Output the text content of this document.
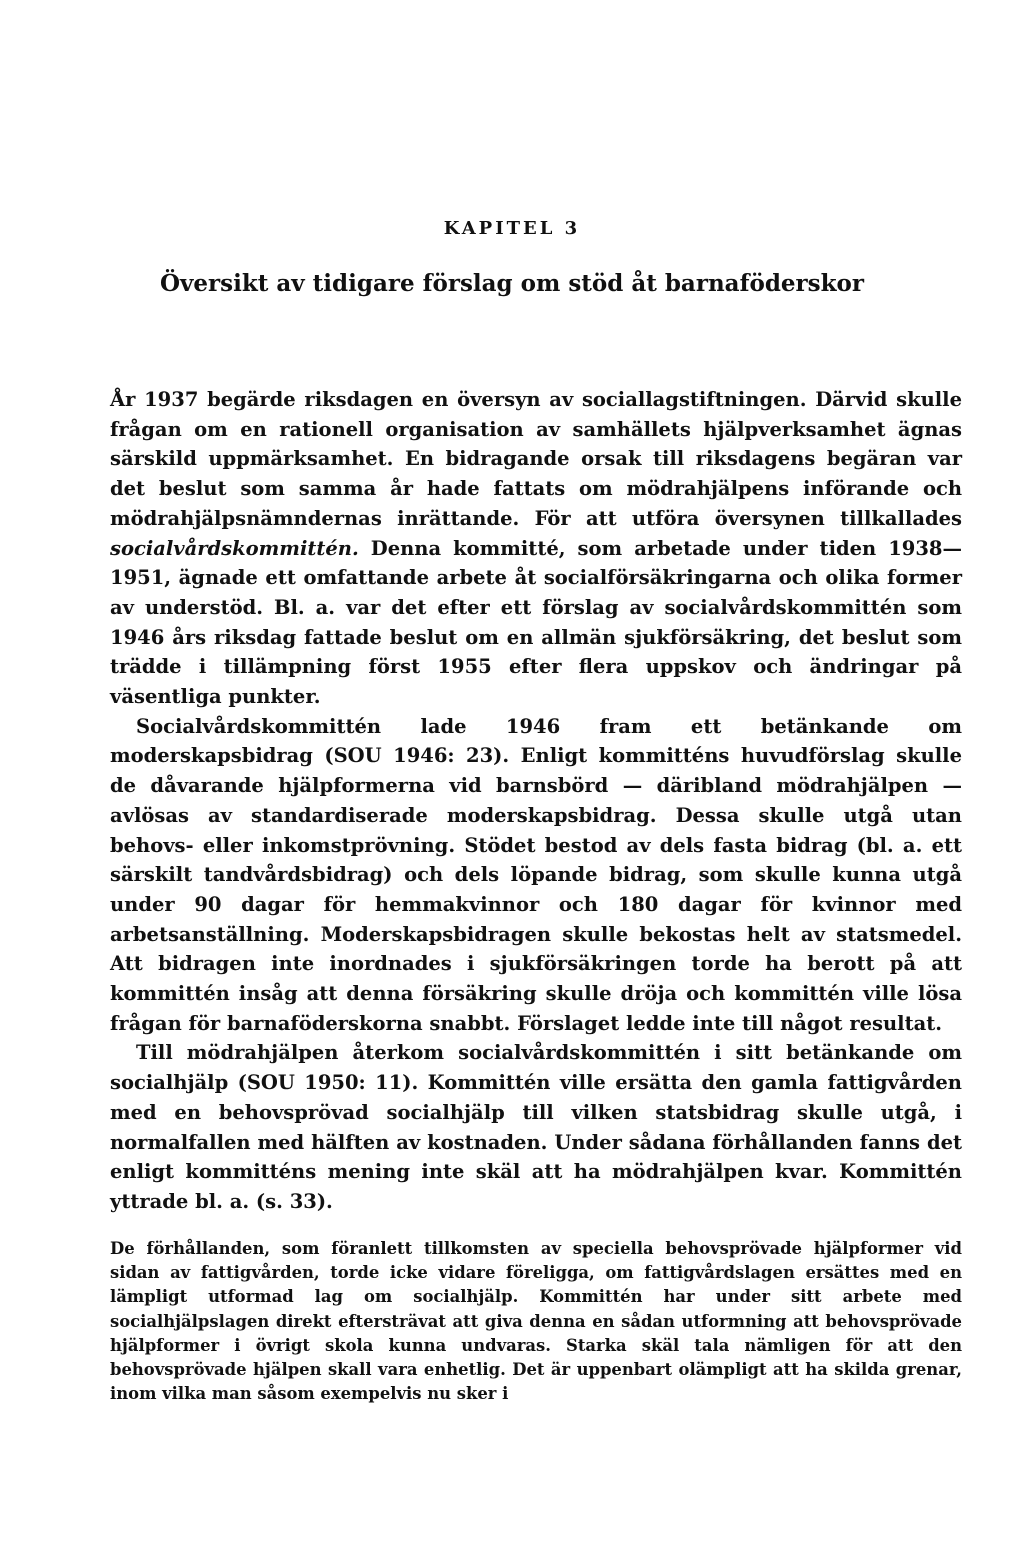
KAPITEL 3
Översikt av tidigare förslag om stöd åt barnaföderskor

År 1937 begärde riksdagen en översyn av sociallagstiftningen. Därvid skulle frågan om en rationell organisation av samhällets hjälpverksamhet ägnas särskild uppmärksamhet. En bidragande orsak till riksdagens begäran var det beslut som samma år hade fattats om mödrahjälpens införande och mödrahjälpsnämndernas inrättande. För att utföra översynen tillkallades socialvårdskommittén. Denna kommitté, som arbetade under tiden 1938—1951, ägnade ett omfattande arbete åt socialförsäkringarna och olika former av understöd. Bl. a. var det efter ett förslag av socialvårdskommittén som 1946 års riksdag fattade beslut om en allmän sjukförsäkring, det beslut som trädde i tillämpning först 1955 efter flera uppskov och ändringar på väsentliga punkter.

Socialvårdskommittén lade 1946 fram ett betänkande om moderskapsbidrag (SOU 1946: 23). Enligt kommitténs huvudförslag skulle de dåvarande hjälpformerna vid barnsbörd — däribland mödrahjälpen — avlösas av standardiserade moderskapsbidrag. Dessa skulle utgå utan behovs- eller inkomstprövning. Stödet bestod av dels fasta bidrag (bl. a. ett särskilt tandvårdsbidrag) och dels löpande bidrag, som skulle kunna utgå under 90 dagar för hemmakvinnor och 180 dagar för kvinnor med arbetsanställning. Moderskapsbidragen skulle bekostas helt av statsmedel. Att bidragen inte inordnades i sjukförsäkringen torde ha berott på att kommittén insåg att denna försäkring skulle dröja och kommittén ville lösa frågan för barnaföderskorna snabbt. Förslaget ledde inte till något resultat.

Till mödrahjälpen återkom socialvårdskommittén i sitt betänkande om socialhjälp (SOU 1950: 11). Kommittén ville ersätta den gamla fattigvården med en behovsprövad socialhjälp till vilken statsbidrag skulle utgå, i normalfallen med hälften av kostnaden. Under sådana förhållanden fanns det enligt kommitténs mening inte skäl att ha mödrahjälpen kvar. Kommittén yttrade bl. a. (s. 33).

De förhållanden, som föranlett tillkomsten av speciella behovsprövade hjälpformer vid sidan av fattigvården, torde icke vidare föreligga, om fattigvårdslagen ersättes med en lämpligt utformad lag om socialhjälp. Kommittén har under sitt arbete med socialhjälpslagen direkt eftersträvat att giva denna en sådan utformning att behovsprövade hjälpformer i övrigt skola kunna undvaras. Starka skäl tala nämligen för att den behovsprövade hjälpen skall vara enhetlig. Det är uppenbart olämpligt att ha skilda grenar, inom vilka man såsom exempelvis nu sker i
